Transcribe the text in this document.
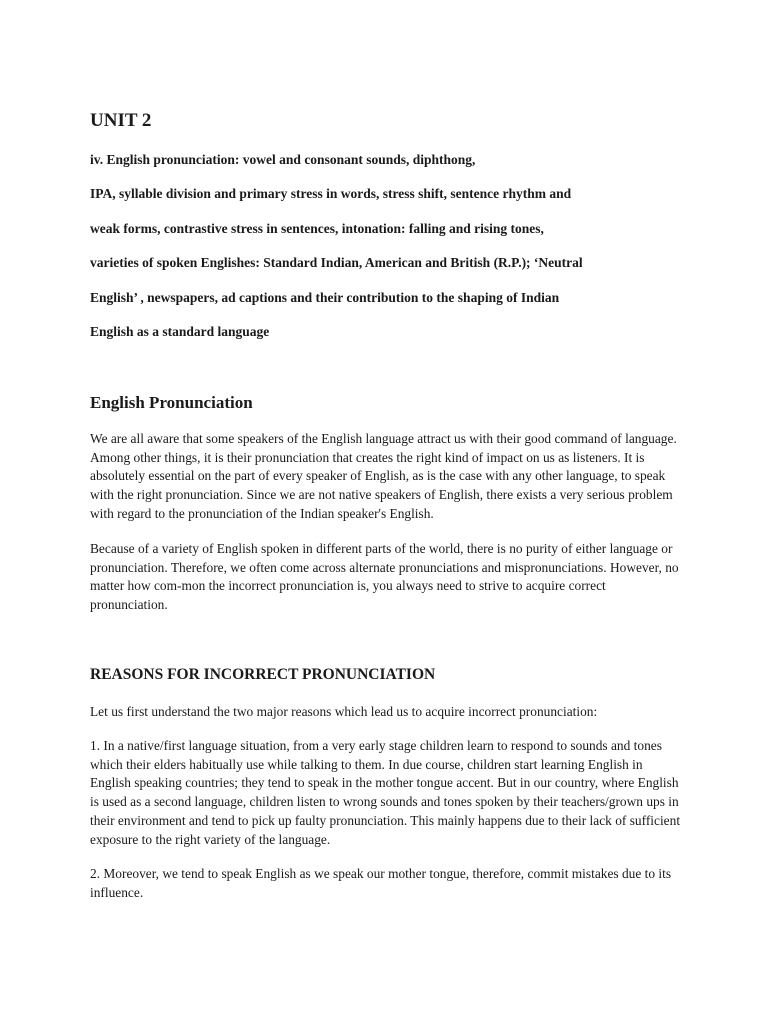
UNIT 2
iv. English pronunciation: vowel and consonant sounds, diphthong,
IPA, syllable division and primary stress in words, stress shift, sentence rhythm and
weak forms, contrastive stress in sentences, intonation: falling and rising tones,
varieties of spoken Englishes: Standard Indian, American and British (R.P.); ‘Neutral
English’ , newspapers, ad captions and their contribution to the shaping of Indian
English as a standard language
English Pronunciation

We are all aware that some speakers of the English language attract us with their good command of language. Among other things, it is their pronunciation that creates the right kind of impact on us as listeners. It is absolutely essential on the part of every speaker of English, as is the case with any other language, to speak with the right pronunciation. Since we are not native speakers of English, there exists a very serious problem with regard to the pronunciation of the Indian speaker's English.

Because of a variety of English spoken in different parts of the world, there is no purity of either language or pronunciation. Therefore, we often come across alternate pronunciations and mispronunciations. However, no matter how com-mon the incorrect pronunciation is, you always need to strive to acquire correct pronunciation.

REASONS FOR INCORRECT PRONUNCIATION

Let us first understand the two major reasons which lead us to acquire incorrect pronunciation:

1. In a native/first language situation, from a very early stage children learn to respond to sounds and tones which their elders habitually use while talking to them. In due course, children start learning English in English speaking countries; they tend to speak in the mother tongue accent. But in our country, where English is used as a second language, children listen to wrong sounds and tones spoken by their teachers/grown ups in their environment and tend to pick up faulty pronunciation. This mainly happens due to their lack of sufficient exposure to the right variety of the language.

2. Moreover, we tend to speak English as we speak our mother tongue, therefore, commit mistakes due to its influence.
